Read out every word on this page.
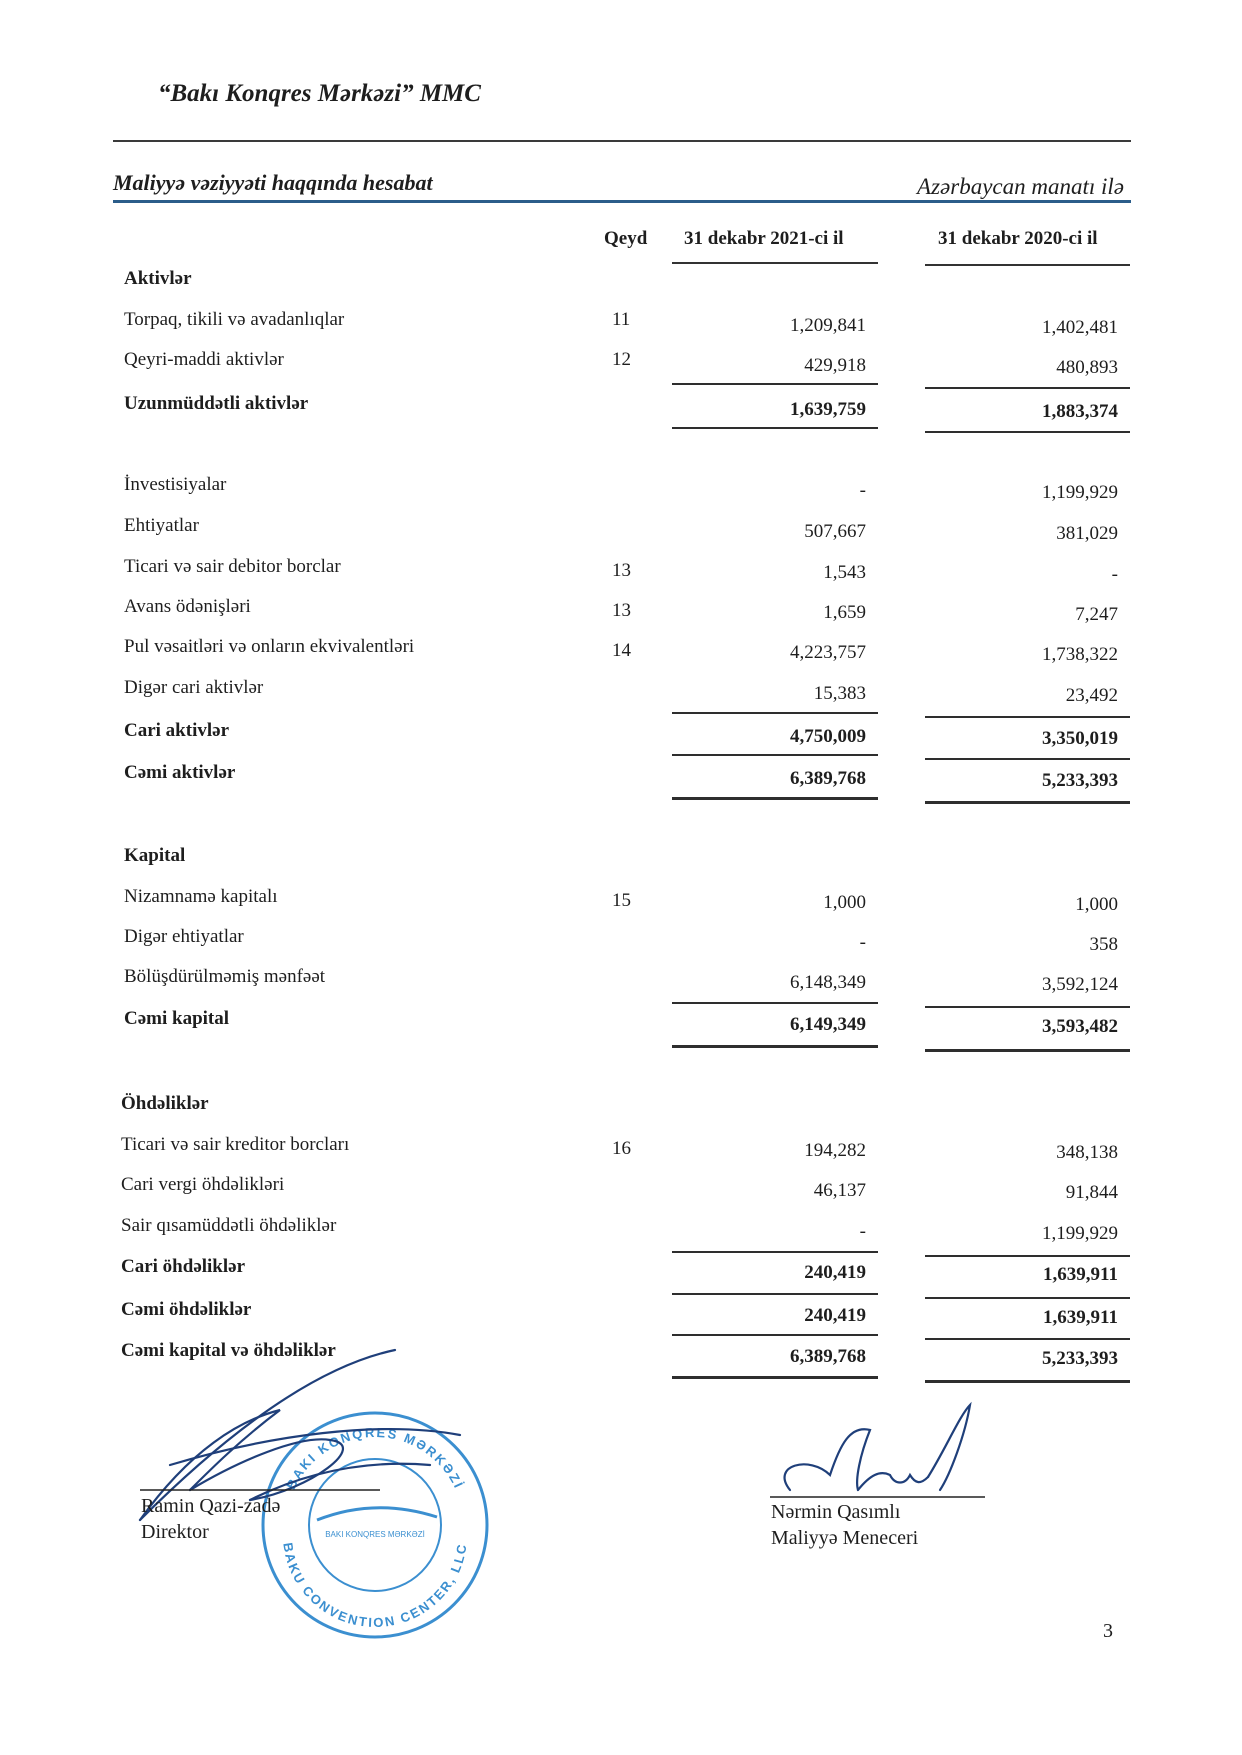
“Bakı Konqres Mərkəzi” MMC
Maliyyə vəziyyəti haqqında hesabat	Azərbaycan manatı ilə
Qeyd 31 dekabr 2021-ci il	31 dekabr 2020-ci il
Aktivlər
Torpaq, tikili və avadanlıqlar	11	1,209,841	1,402,481
Qeyri-maddi aktivlər	12	429,918	480,893
Uzunmüddətli aktivlər	1,639,759	1,883,374
İnvestisiyalar	-	1,199,929
Ehtiyatlar	507,667	381,029
Ticari və sair debitor borclar	13	1,543	-
Avans ödənişləri	13	1,659	7,247
Pul vəsaitləri və onların ekvivalentləri	14	4,223,757	1,738,322
Digər cari aktivlər	15,383	23,492
Cari aktivlər	4,750,009	3,350,019
Cəmi aktivlər	6,389,768	5,233,393
Kapital
Nizamnamə kapitalı	15	1,000	1,000
Digər ehtiyatlar	-	358
Bölüşdürülməmiş mənfəət	6,148,349	3,592,124
Cəmi kapital	6,149,349	3,593,482
Öhdəliklər
Ticari və sair kreditor borcları	16	194,282	348,138
Cari vergi öhdəlikləri	46,137	91,844
Sair qısamüddətli öhdəliklər	-	1,199,929
Cari öhdəliklər	240,419	1,639,911
Cəmi öhdəliklər	240,419	1,639,911
Cəmi kapital və öhdəliklər	6,389,768	5,233,393
BAKI KONQRES MƏRKƏZİ
BAKU CONVENTION CENTER, LLC
BAKI KONQRES MƏRKƏZİ
Ramin Qazi-zadə
Direktor
Nərmin Qasımlı
Maliyyə Meneceri
3
